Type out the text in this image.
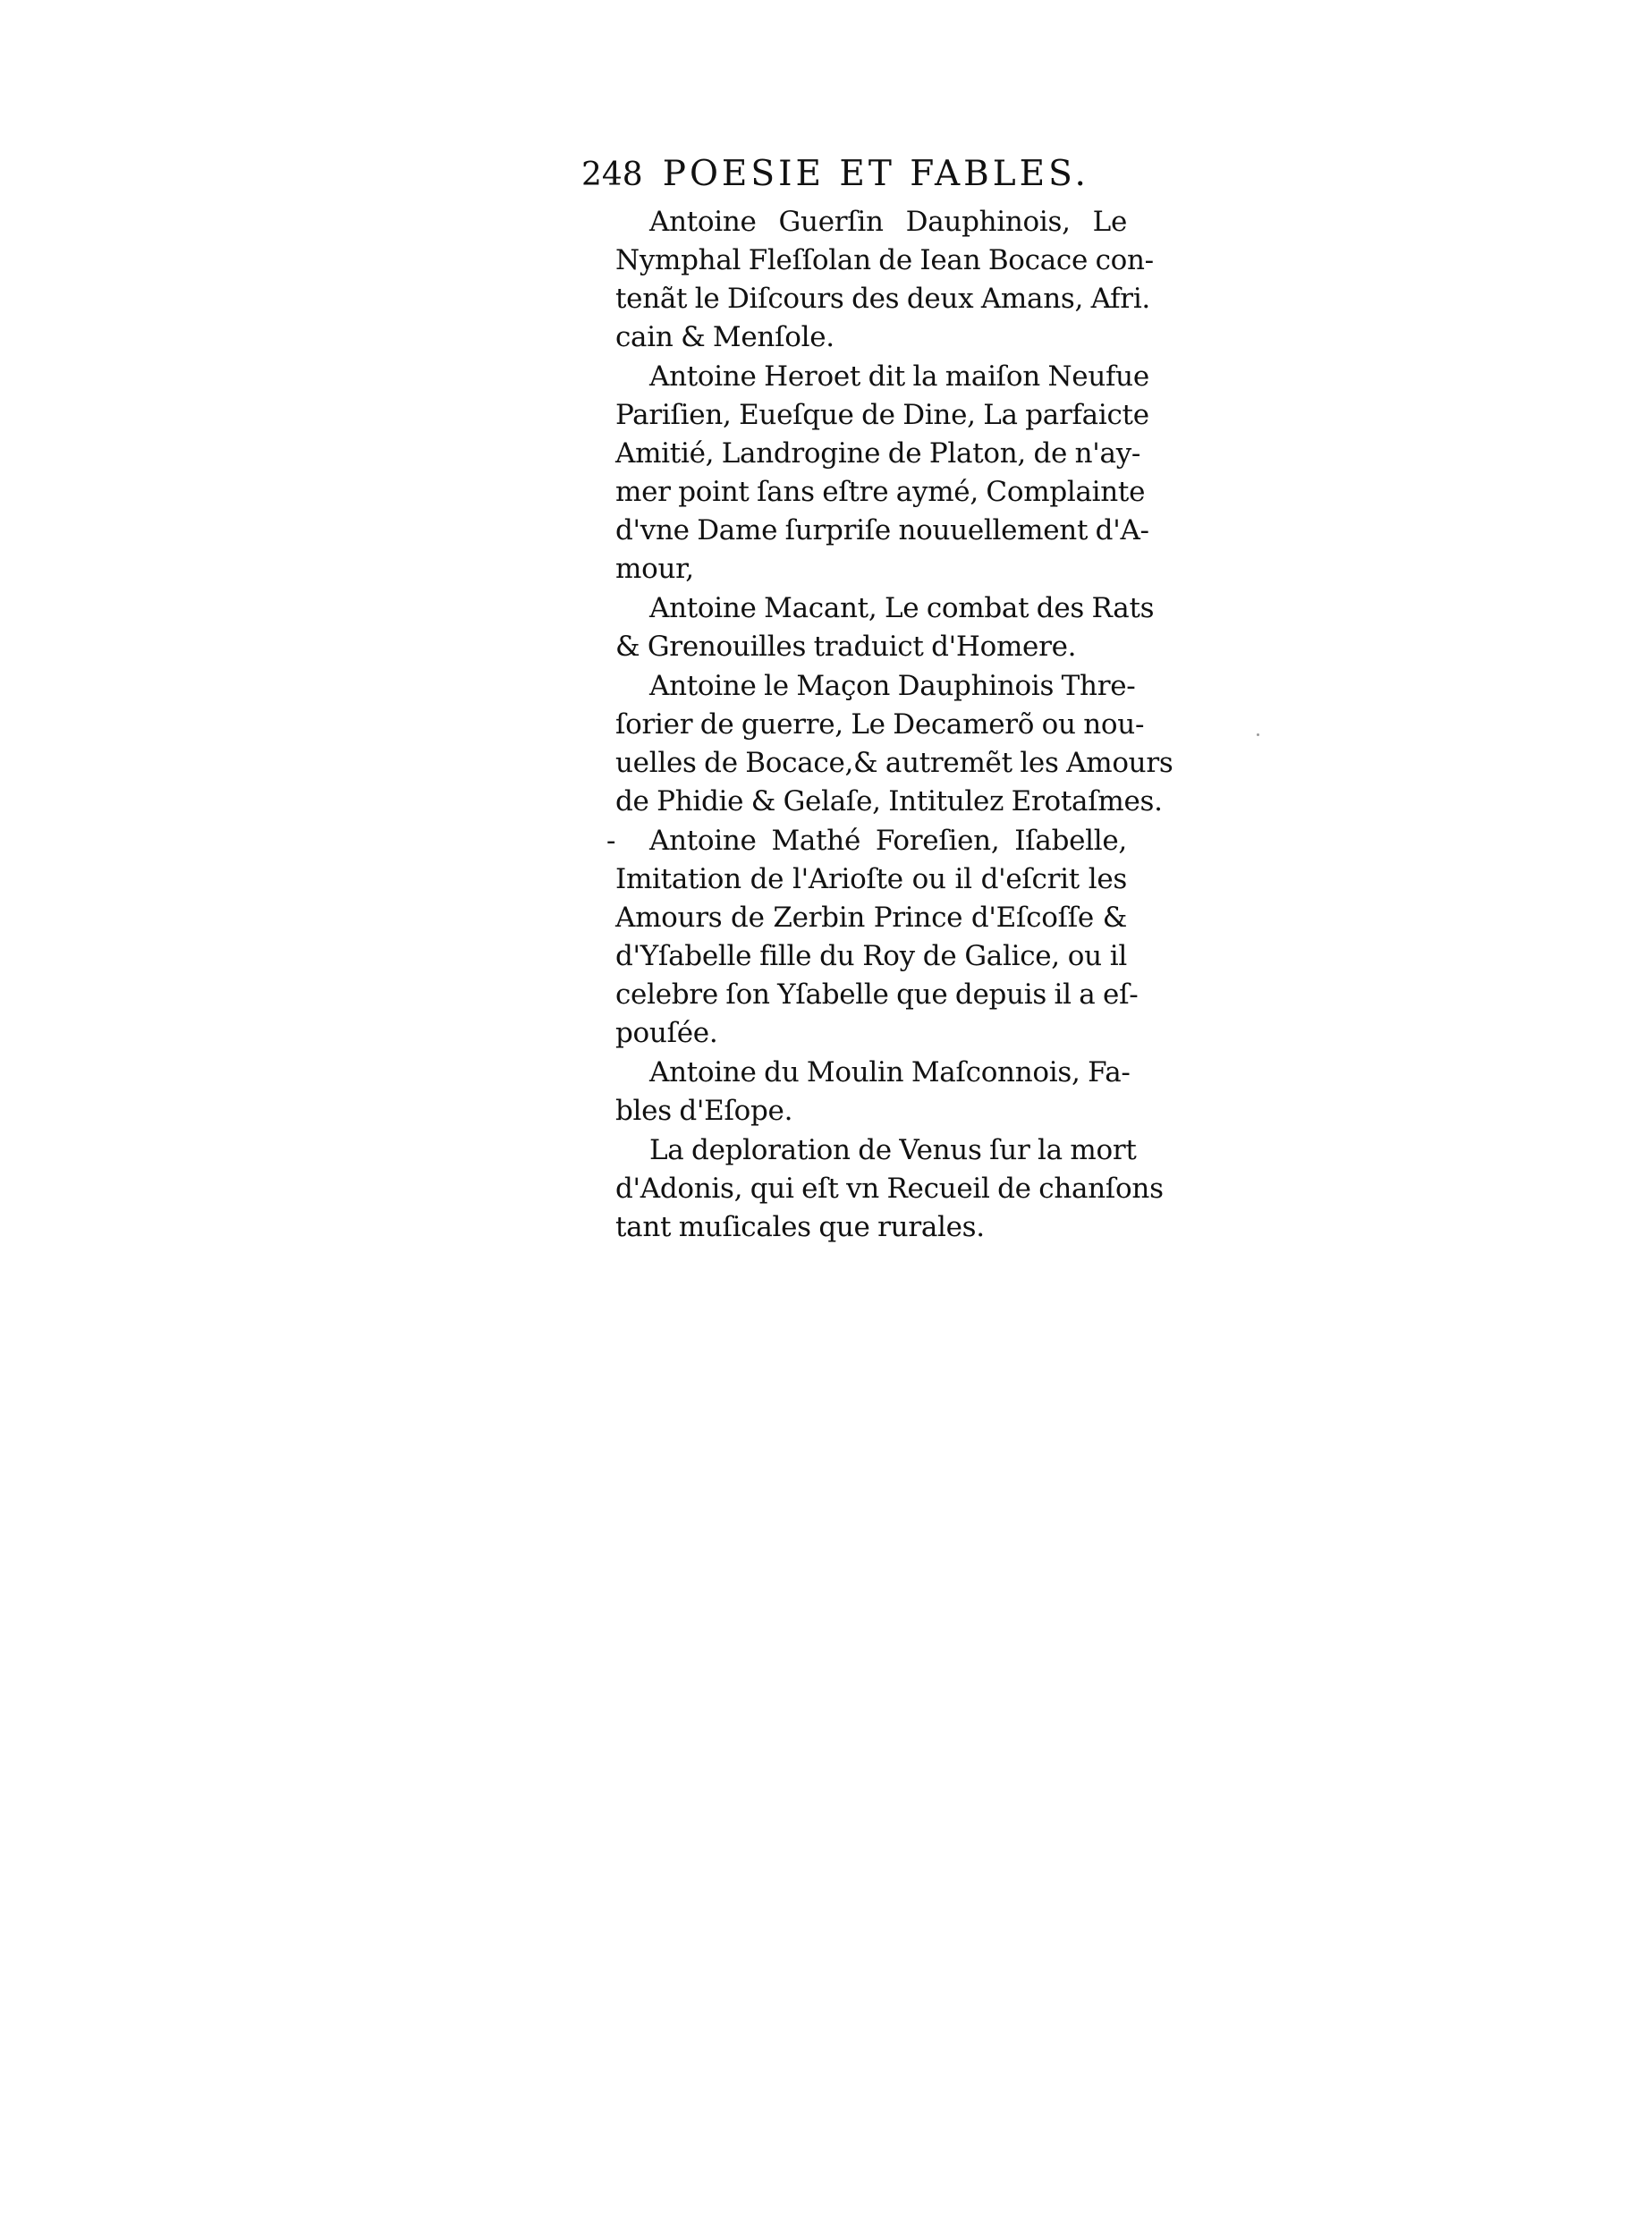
248 POESIE ET FABLES.
Antoine Guerſin Dauphinois, Le
Nymphal Fleſſolan de Iean Bocace con-
tenãt le Diſcours des deux Amans, Afri.
cain & Menſole.
Antoine Heroet dit la maiſon Neufue
Pariſien, Eueſque de Dine, La parfaicte
Amitié, Landrogine de Platon, de n'ay-
mer point ſans eſtre aymé, Complainte
d'vne Dame ſurpriſe nouuellement d'A-
mour,
Antoine Macant, Le combat des Rats
& Grenouilles traduict d'Homere.
Antoine le Maçon Dauphinois Thre-
ſorier de guerre, Le Decamerõ ou nou-
uelles de Bocace,& autremẽt les Amours
de Phidie & Gelaſe, Intitulez Erotaſmes.
-	Antoine Mathé Foreſien, Iſabelle,
Imitation de l'Arioſte ou il d'eſcrit les
Amours de Zerbin Prince d'Eſcoſſe &
d'Yſabelle fille du Roy de Galice, ou il
celebre ſon Yſabelle que depuis il a eſ-
pouſée.
Antoine du Moulin Maſconnois, Fa-
bles d'Eſope.
La deploration de Venus ſur la mort
d'Adonis, qui eſt vn Recueil de chanſons
tant muſicales que rurales.
